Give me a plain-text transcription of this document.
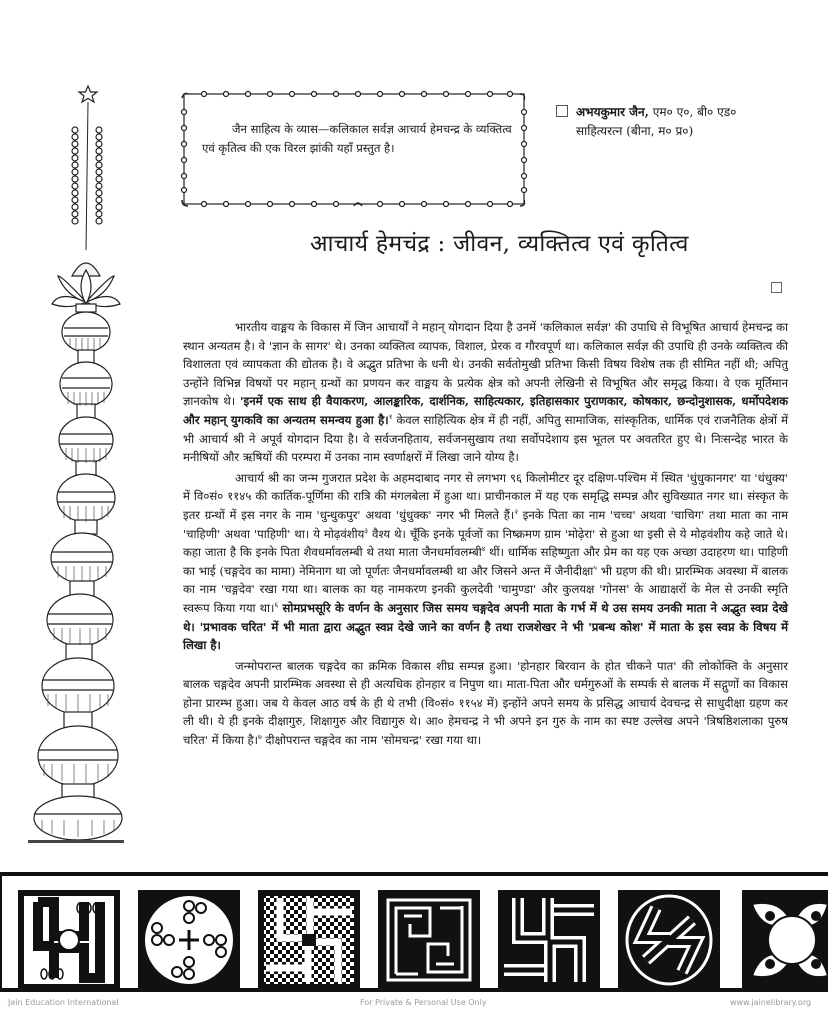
जैन साहित्य के व्यास—कलिकाल सर्वज्ञ आचार्य हेमचन्द्र के व्यक्तित्व एवं कृतित्व की एक विरल झांकी यहाँ प्रस्तुत है।
अभयकुमार जैन, एम० ए०, बी० एड०
साहित्यरत्न (बीना, म० प्र०)
आचार्य हेमचंद्र : जीवन, व्यक्तित्व एवं कृतित्व

भारतीय वाङ्मय के विकास में जिन आचार्यों ने महान् योगदान दिया है उनमें 'कलिकाल सर्वज्ञ' की उपाधि से विभूषित आचार्य हेमचन्द्र का स्थान अन्यतम है। वे 'ज्ञान के सागर' थे। उनका व्यक्तित्व व्यापक, विशाल, प्रेरक व गौरवपूर्ण था। कलिकाल सर्वज्ञ की उपाधि ही उनके व्यक्तित्व की विशालता एवं व्यापकता की द्योतक है। वे अद्भुत प्रतिभा के धनी थे। उनकी सर्वतोमुखी प्रतिभा किसी विषय विशेष तक ही सीमित नहीं थी; अपितु उन्होंने विभिन्न विषयों पर महान् ग्रन्थों का प्रणयन कर वाङ्मय के प्रत्येक क्षेत्र को अपनी लेखिनी से विभूषित और समृद्ध किया। वे एक मूर्तिमान ज्ञानकोष थे। 'इनमें एक साथ ही वैयाकरण, आलङ्कारिक, दार्शनिक, साहित्यकार, इतिहासकार पुराणकार, कोषकार, छन्दोनुशासक, धर्मोपदेशक और महान् युगकवि का अन्यतम समन्वय हुआ है।$^१$ केवल साहित्यिक क्षेत्र में ही नहीं, अपितु सामाजिक, सांस्कृतिक, धार्मिक एवं राजनैतिक क्षेत्रों में भी आचार्य श्री ने अपूर्व योगदान दिया है। वे सर्वजनहिताय, सर्वजनसुखाय तथा सर्वोपदेशाय इस भूतल पर अवतरित हुए थे। निःसन्देह भारत के मनीषियों और ऋषियों की परम्परा में उनका नाम स्वर्णाक्षरों में लिखा जाने योग्य है।

आचार्य श्री का जन्म गुजरात प्रदेश के अहमदाबाद नगर से लगभग ९६ किलोमीटर दूर दक्षिण-पश्चिम में स्थित 'धुंधुकानगर' या 'धंधुक्य' में वि०सं० ११४५ की कार्तिक-पूर्णिमा की रात्रि की मंगलबेला में हुआ था। प्राचीनकाल में यह एक समृद्धि सम्पन्न और सुविख्यात नगर था। संस्कृत के इतर ग्रन्थों में इस नगर के नाम 'धुन्धुकपुर' अथवा 'धुंधुक्क' नगर भी मिलते हैं।$^२$ इनके पिता का नाम 'चच्च' अथवा 'चाचिग' तथा माता का नाम 'चाहिणी' अथवा 'पाहिणी' था। ये मोढ़वंशीय$^३$ वैश्य थे। चूँकि इनके पूर्वजों का निष्क्रमण ग्राम 'मोढ़ेरा' से हुआ था इसी से ये मोढ़वंशीय कहे जाते थे। कहा जाता है कि इनके पिता शैवधर्मावलम्बी थे तथा माता जैनधर्मावलम्बी$^४$ थीं। धार्मिक सहिष्णुता और प्रेम का यह एक अच्छा उदाहरण था। पाहिणी का भाई (चङ्गदेव का मामा) नेमिनाग था जो पूर्णतः जैनधर्मावलम्बी था और जिसने अन्त में जैनीदीक्षा$^५$ भी ग्रहण की थी। प्रारम्भिक अवस्था में बालक का नाम 'चङ्गदेव' रखा गया था। बालक का यह नामकरण इनकी कुलदेवी 'चामुण्डा' और कुलयक्ष 'गोनस' के आद्याक्षरों के मेल से उनकी स्मृति स्वरूप किया गया था।$^६$ सोमप्रभसूरि के वर्णन के अनुसार जिस समय चङ्गदेव अपनी माता के गर्भ में थे उस समय उनकी माता ने अद्भुत स्वप्न देखे थे। 'प्रभावक चरित' में भी माता द्वारा अद्भुत स्वप्न देखे जाने का वर्णन है तथा राजशेखर ने भी 'प्रबन्ध कोश' में माता के इस स्वप्न के विषय में लिखा है।

जन्मोपरान्त बालक चङ्गदेव का क्रमिक विकास शीघ्र सम्पन्न हुआ। 'होनहार बिरवान के होत चीकने पात' की लोकोक्ति के अनुसार बालक चङ्गदेव अपनी प्रारम्भिक अवस्था से ही अत्यधिक होनहार व निपुण था। माता-पिता और धर्मगुरुओं के सम्पर्क से बालक में सद्गुणों का विकास होना प्रारम्भ हुआ। जब ये केवल आठ वर्ष के ही थे तभी (वि०सं० ११५४ में) इन्होंने अपने समय के प्रसिद्ध आचार्य देवचन्द्र से साधुदीक्षा ग्रहण कर ली थी। ये ही इनके दीक्षागुरु, शिक्षागुरु और विद्यागुरु थे। आ० हेमचन्द्र ने भी अपने इन गुरु के नाम का स्पष्ट उल्लेख अपने 'त्रिषष्ठिशलाका पुरुष चरित' में किया है।$^७$ दीक्षोपरान्त चङ्गदेव का नाम 'सोमचन्द्र' रखा गया था।

Jain Education International	For Private & Personal Use Only	www.jainelibrary.org
